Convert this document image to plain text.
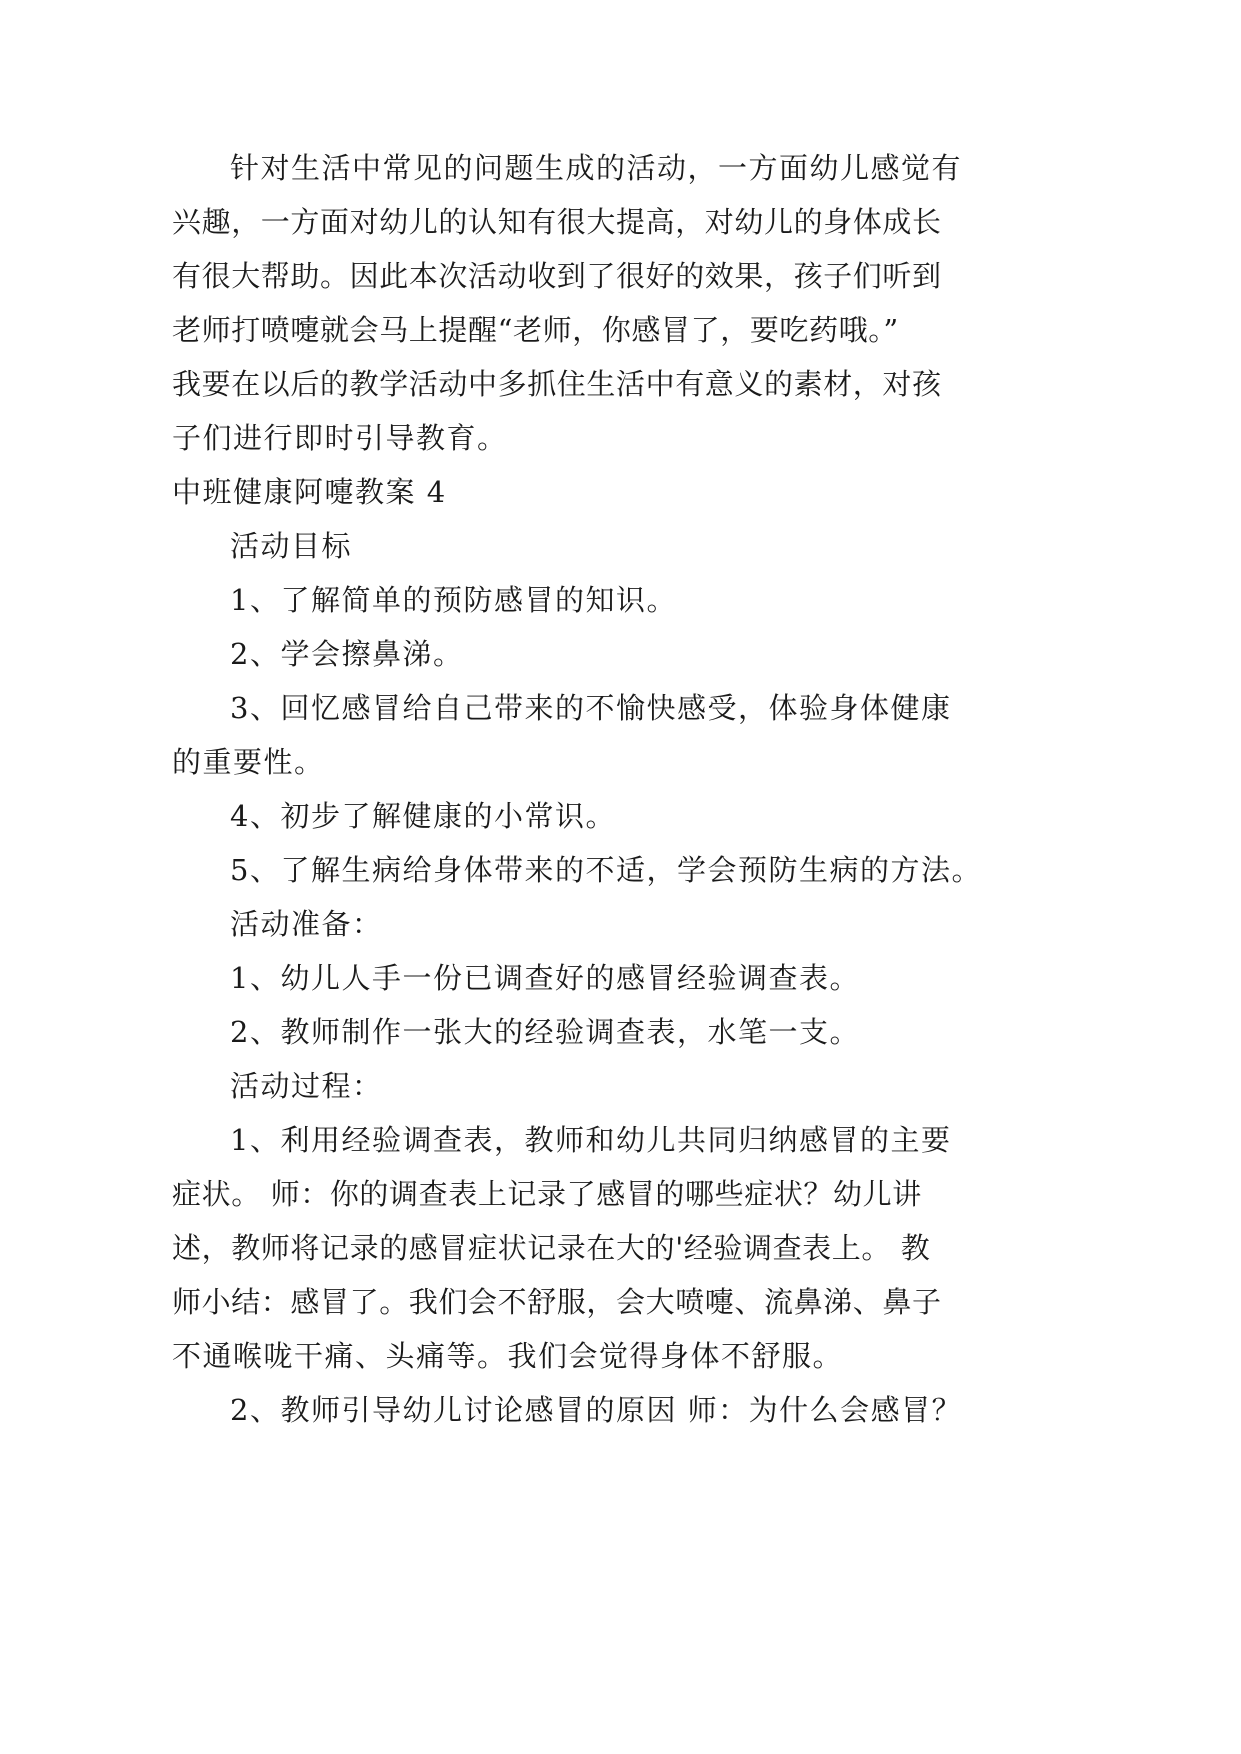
针对生活中常见的问题生成的活动，一方面幼儿感觉有
兴趣，一方面对幼儿的认知有很大提高，对幼儿的身体成长
有很大帮助。因此本次活动收到了很好的效果，孩子们听到
老师打喷嚏就会马上提醒“老师，你感冒了，要吃药哦。”
我要在以后的教学活动中多抓住生活中有意义的素材，对孩
子们进行即时引导教育。
中班健康阿嚏教案 4
活动目标
1、了解简单的预防感冒的知识。
2、学会擦鼻涕。
3、回忆感冒给自己带来的不愉快感受，体验身体健康
的重要性。
4、初步了解健康的小常识。
5、了解生病给身体带来的不适，学会预防生病的方法。
活动准备：
1、幼儿人手一份已调查好的感冒经验调查表。
2、教师制作一张大的经验调查表，水笔一支。
活动过程：
1、利用经验调查表，教师和幼儿共同归纳感冒的主要
症状。 师：你的调查表上记录了感冒的哪些症状？幼儿讲
述，教师将记录的感冒症状记录在大的'经验调查表上。 教
师小结：感冒了。我们会不舒服，会大喷嚏、流鼻涕、鼻子
不通喉咙干痛、头痛等。我们会觉得身体不舒服。
2、教师引导幼儿讨论感冒的原因 师：为什么会感冒？
